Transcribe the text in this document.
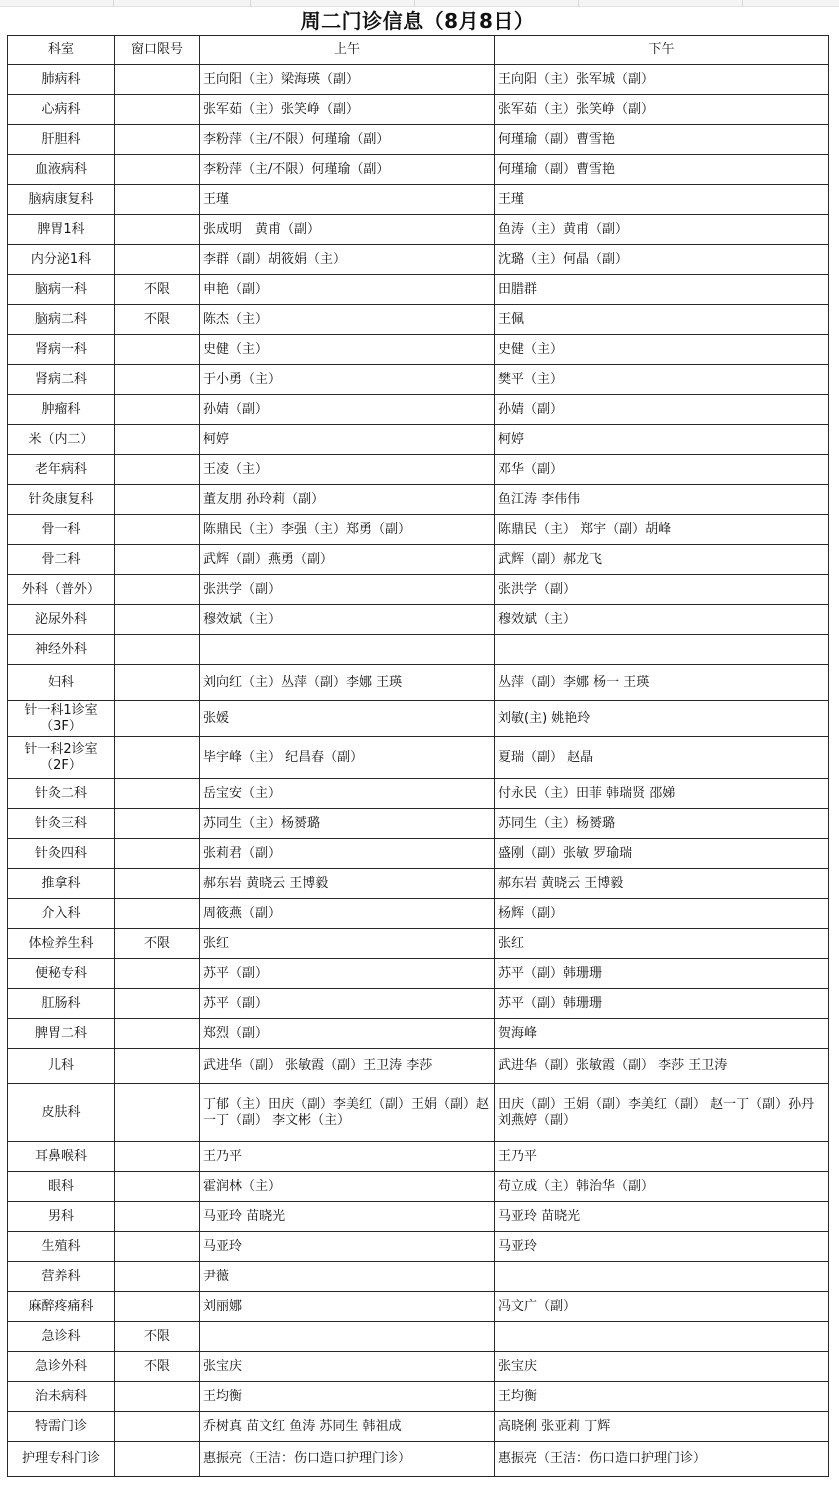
周二门诊信息（8月8日）
科室	窗口限号	上午	下午
肺病科		王向阳（主）梁海瑛（副）	王向阳（主）张军城（副）
心病科		张军茹（主）张笑峥（副）	张军茹（主）张笑峥（副）
肝胆科		李粉萍（主/不限）何瑾瑜（副）	何瑾瑜（副）曹雪艳
血液病科		李粉萍（主/不限）何瑾瑜（副）	何瑾瑜（副）曹雪艳
脑病康复科		王瑾	王瑾
脾胃1科		张成明　黄甫（副）	鱼涛（主）黄甫（副）
内分泌1科		李群（副）胡筱娟（主）	沈璐（主）何晶（副）
脑病一科	不限	申艳（副）	田腊群
脑病二科	不限	陈杰（主）	王佩
肾病一科		史健（主）	史健（主）
肾病二科		于小勇（主）	樊平（主）
肿瘤科		孙婧（副）	孙婧（副）
米（内二）		柯婷	柯婷
老年病科		王凌（主）	邓华（副）
针灸康复科		董友朋 孙玲莉（副）	鱼江涛 李伟伟
骨一科		陈鼎民（主）李强（主）郑勇（副）	陈鼎民（主） 郑宇（副）胡峰
骨二科		武辉（副）燕勇（副）	武辉（副）郝龙飞
外科（普外）		张洪学（副）	张洪学（副）
泌尿外科		穆效斌（主）	穆效斌（主）
神经外科			
妇科		刘向红（主）丛萍（副）李娜 王瑛	丛萍（副）李娜 杨一 王瑛
针一科1诊室（3F）		张媛	刘敏(主) 姚艳玲
针一科2诊室（2F）		毕宇峰（主） 纪昌春（副）	夏瑞（副） 赵晶
针灸二科		岳宝安（主）	付永民（主）田菲 韩瑞贤 邵娣
针灸三科		苏同生（主）杨赟璐	苏同生（主）杨赟璐
针灸四科		张莉君（副）	盛刚（副）张敏 罗瑜瑞
推拿科		郝东岩 黄晓云 王博毅	郝东岩 黄晓云 王博毅
介入科		周筱燕（副）	杨辉（副）
体检养生科	不限	张红	张红
便秘专科		苏平（副）	苏平（副）韩珊珊
肛肠科		苏平（副）	苏平（副）韩珊珊
脾胃二科		郑烈（副）	贺海峰
儿科		武进华（副） 张敏霞（副）王卫涛 李莎	武进华（副）张敏霞（副） 李莎 王卫涛
皮肤科		丁郁（主）田庆（副）李美红（副）王娟（副）赵一丁（副） 李文彬（主）	田庆（副）王娟（副）李美红（副） 赵一丁（副）孙丹 刘燕婷（副）
耳鼻喉科		王乃平	王乃平
眼科		霍润林（主）	苟立成（主）韩治华（副）
男科		马亚玲 苗晓光	马亚玲 苗晓光
生殖科		马亚玲	马亚玲
营养科		尹薇	
麻醉疼痛科		刘丽娜	冯文广（副）
急诊科	不限		
急诊外科	不限	张宝庆	张宝庆
治未病科		王均衡	王均衡
特需门诊		乔树真 苗文红 鱼涛 苏同生 韩祖成	高晓俐 张亚莉 丁辉
护理专科门诊		惠振亮（王洁：伤口造口护理门诊）	惠振亮（王洁：伤口造口护理门诊）
